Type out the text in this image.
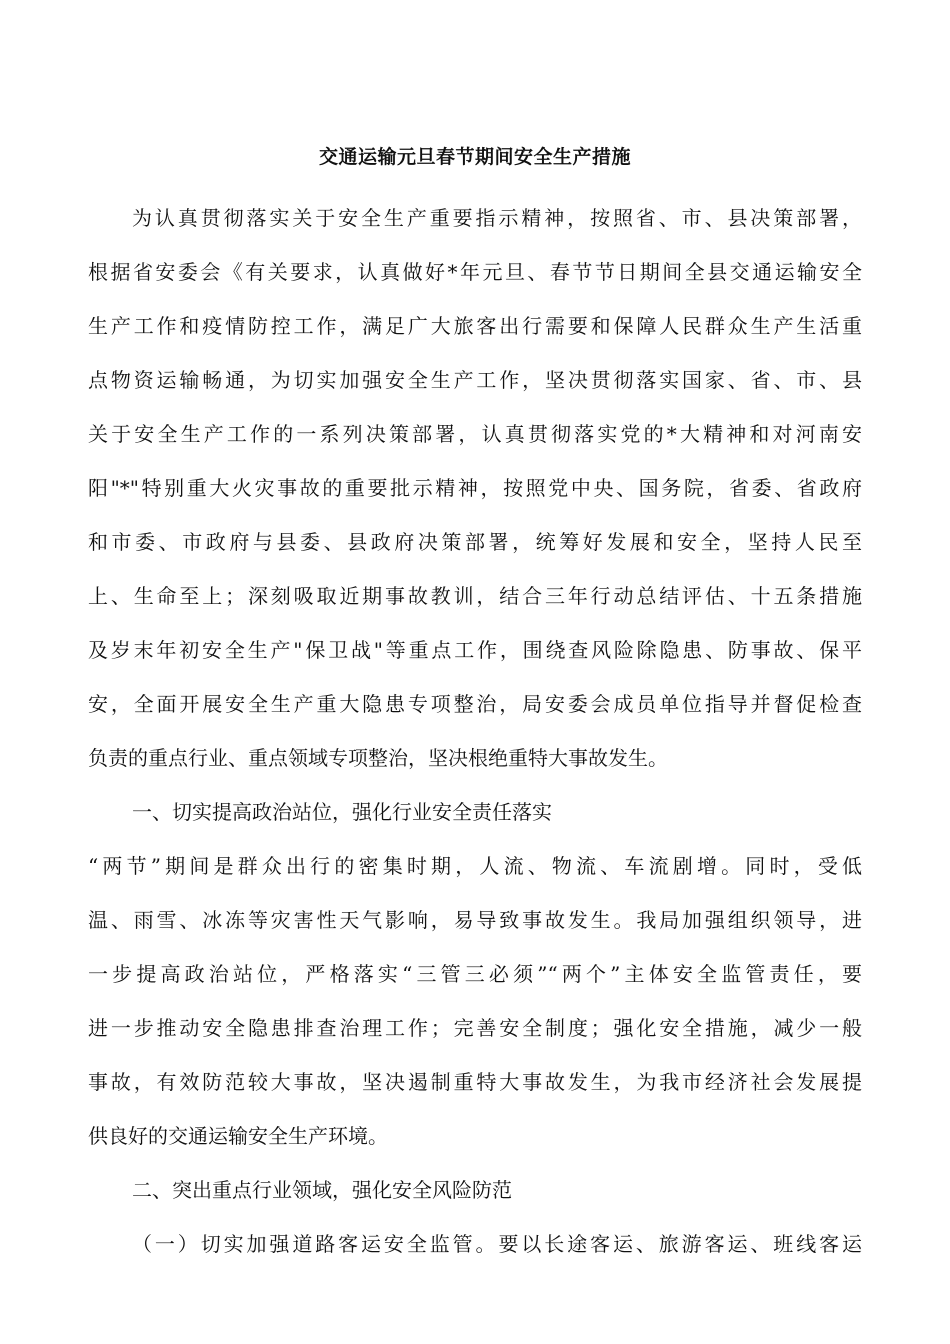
交通运输元旦春节期间安全生产措施
为认真贯彻落实关于安全生产重要指示精神，按照省、市、县决策部署，
根据省安委会《有关要求，认真做好*年元旦、春节节日期间全县交通运输安全
生产工作和疫情防控工作，满足广大旅客出行需要和保障人民群众生产生活重
点物资运输畅通，为切实加强安全生产工作，坚决贯彻落实国家、省、市、县
关于安全生产工作的一系列决策部署，认真贯彻落实党的*大精神和对河南安
阳"*"特别重大火灾事故的重要批示精神，按照党中央、国务院，省委、省政府
和市委、市政府与县委、县政府决策部署，统筹好发展和安全，坚持人民至
上、生命至上；深刻吸取近期事故教训，结合三年行动总结评估、十五条措施
及岁末年初安全生产"保卫战"等重点工作，围绕查风险除隐患、防事故、保平
安，全面开展安全生产重大隐患专项整治，局安委会成员单位指导并督促检查
负责的重点行业、重点领域专项整治，坚决根绝重特大事故发生。
一、切实提高政治站位，强化行业安全责任落实
“两节”期间是群众出行的密集时期，人流、物流、车流剧增。同时，受低
温、雨雪、冰冻等灾害性天气影响，易导致事故发生。我局加强组织领导，进
一步提高政治站位，严格落实“三管三必须”“两个”主体安全监管责任，要
进一步推动安全隐患排查治理工作；完善安全制度；强化安全措施，减少一般
事故，有效防范较大事故，坚决遏制重特大事故发生，为我市经济社会发展提
供良好的交通运输安全生产环境。
二、突出重点行业领域，强化安全风险防范
（一）切实加强道路客运安全监管。要以长途客运、旅游客运、班线客运
